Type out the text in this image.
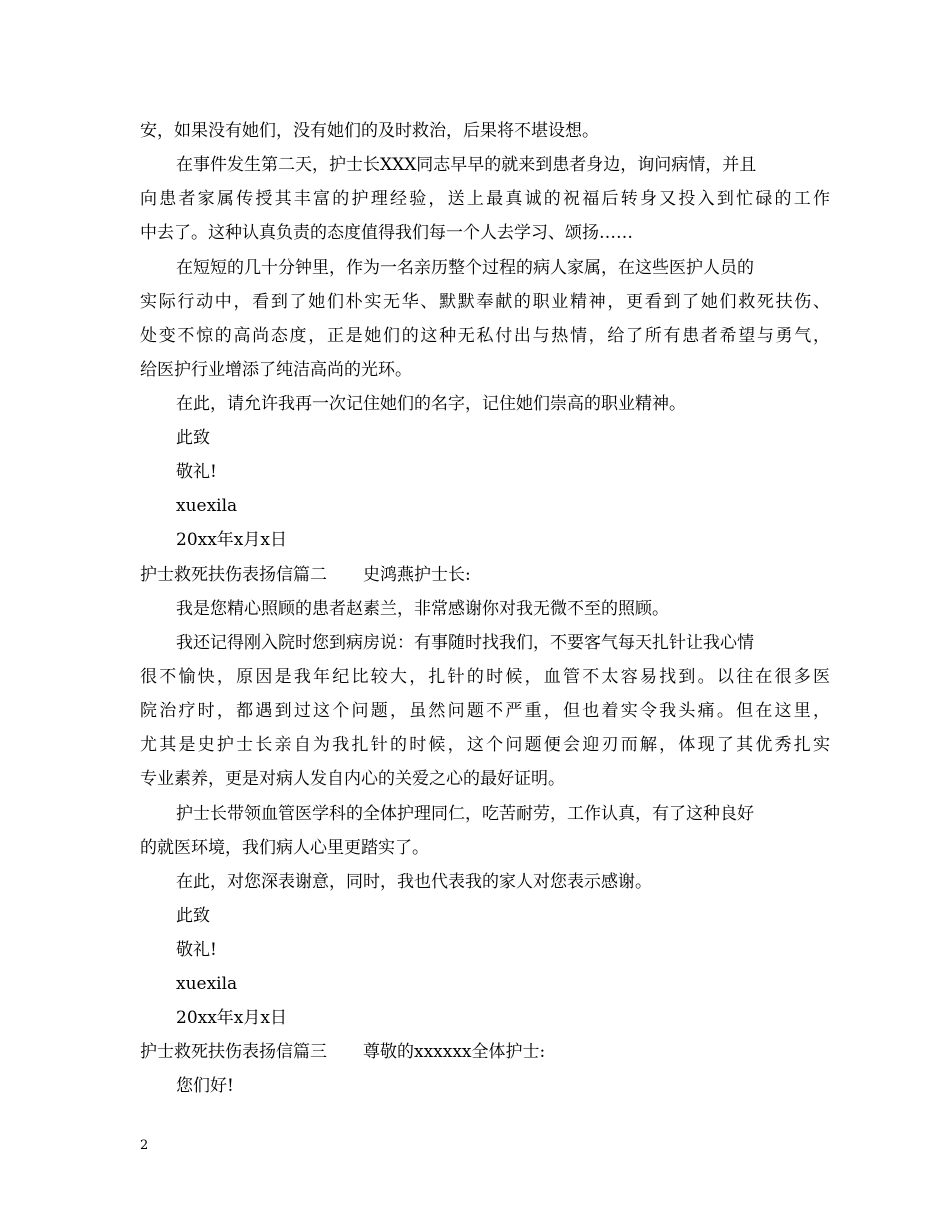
安，如果没有她们，没有她们的及时救治，后果将不堪设想。
在事件发生第二天，护士长XXX同志早早的就来到患者身边，询问病情，并且
向患者家属传授其丰富的护理经验，送上最真诚的祝福后转身又投入到忙碌的工作
中去了。这种认真负责的态度值得我们每一个人去学习、颂扬……
在短短的几十分钟里，作为一名亲历整个过程的病人家属，在这些医护人员的
实际行动中，看到了她们朴实无华、默默奉献的职业精神，更看到了她们救死扶伤、
处变不惊的高尚态度，正是她们的这种无私付出与热情，给了所有患者希望与勇气，
给医护行业增添了纯洁高尚的光环。
在此，请允许我再一次记住她们的名字，记住她们崇高的职业精神。
此致
敬礼!
xuexila
20xx年x月x日
护士救死扶伤表扬信篇二 史鸿燕护士长:
我是您精心照顾的患者赵素兰，非常感谢你对我无微不至的照顾。
我还记得刚入院时您到病房说：有事随时找我们，不要客气每天扎针让我心情
很不愉快，原因是我年纪比较大，扎针的时候，血管不太容易找到。以往在很多医
院治疗时，都遇到过这个问题，虽然问题不严重，但也着实令我头痛。但在这里，
尤其是史护士长亲自为我扎针的时候，这个问题便会迎刃而解，体现了其优秀扎实
专业素养，更是对病人发自内心的关爱之心的最好证明。
护士长带领血管医学科的全体护理同仁，吃苦耐劳，工作认真，有了这种良好
的就医环境，我们病人心里更踏实了。
在此，对您深表谢意，同时，我也代表我的家人对您表示感谢。
此致
敬礼!
xuexila
20xx年x月x日
护士救死扶伤表扬信篇三 尊敬的xxxxxx全体护士:
您们好!
2
